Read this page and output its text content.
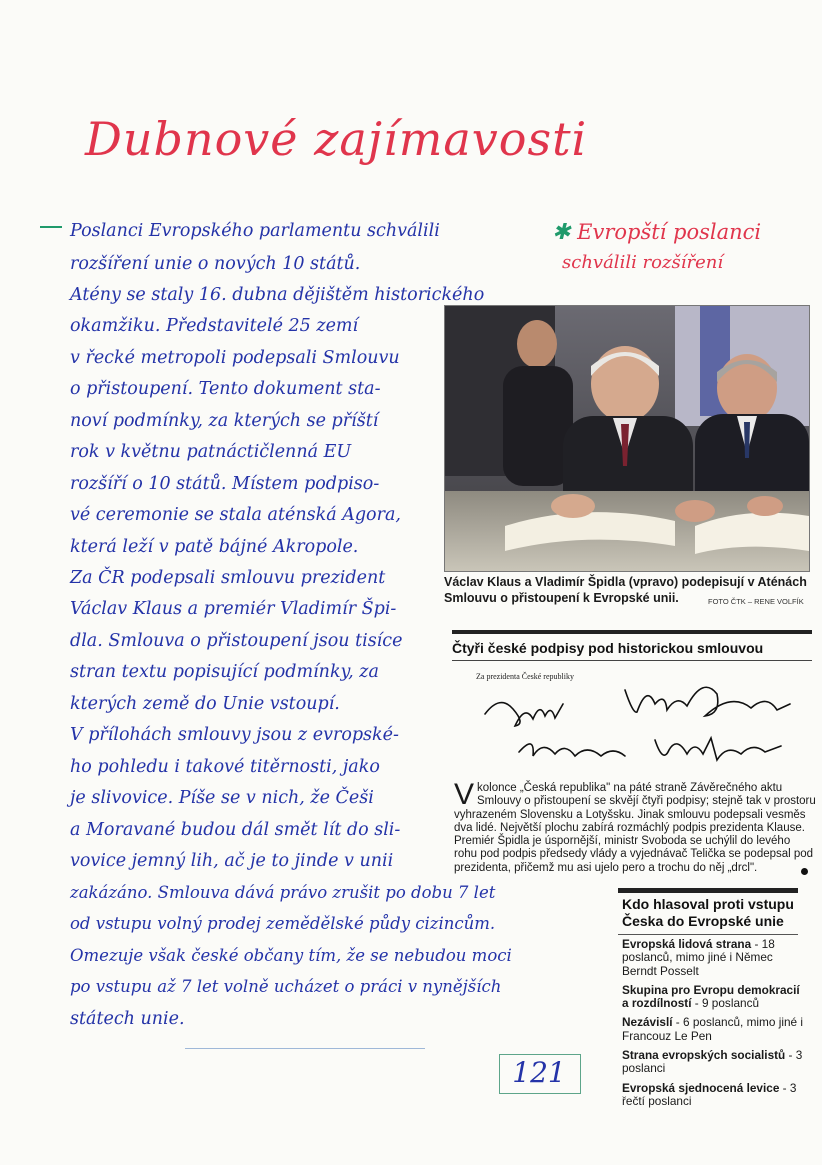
Dubnové zajímavosti
✱ Evropští poslanci
schválili rozšíření
Poslanci Evropského parlamentu schválili
rozšíření unie o nových 10 států.
Atény se staly 16. dubna dějištěm historického
okamžiku. Představitelé 25 zemí
v řecké metropoli podepsali Smlouvu
o přistoupení. Tento dokument sta-
noví podmínky, za kterých se příští
rok v květnu patnáctičlenná EU
rozšíří o 10 států. Místem podpiso-
vé ceremonie se stala aténská Agora,
která leží v patě bájné Akropole.
Za ČR podepsali smlouvu prezident
Václav Klaus a premiér Vladimír Špi-
dla. Smlouva o přistoupení jsou tisíce
stran textu popisující podmínky, za
kterých země do Unie vstoupí.
V přílohách smlouvy jsou z evropské-
ho pohledu i takové titěrnosti, jako
je slivovice. Píše se v nich, že Češi
a Moravané budou dál smět lít do sli-
vovice jemný lih, ač je to jinde v unii
zakázáno. Smlouva dává právo zrušit po dobu 7 let
od vstupu volný prodej zemědělské půdy cizincům.
Omezuje však české občany tím, že se nebudou moci
po vstupu až 7 let volně ucházet o práci v nynějších
státech unie.
Václav Klaus a Vladimír Špidla (vpravo) podepisují v Aténách Smlouvu o přistoupení k Evropské unii.	FOTO ČTK – RENE VOLFÍK
Čtyři české podpisy pod historickou smlouvou
Za prezidenta České republiky
Vkolonce „Česká republika" na páté straně Závěrečného aktu Smlouvy o přistoupení se skvějí čtyři podpisy; stejně tak v prostoru vyhrazeném Slovensku a Lotyšsku. Jinak smlouvu podepsali vesměs dva lidé. Největší plochu zabírá rozmáchlý podpis prezidenta Klause. Premiér Špidla je úspornější, ministr Svoboda se uchýlil do levého rohu pod podpis předsedy vlády a vyjednávač Telička se podepsal pod prezidenta, přičemž mu asi ujelo pero a trochu do něj „drcl".
Kdo hlasoval proti vstupu Česka do Evropské unie
Evropská lidová strana - 18 poslanců, mimo jiné i Němec Berndt Posselt
Skupina pro Evropu demokracií a rozdílností - 9 poslanců
Nezávislí - 6 poslanců, mimo jiné i Francouz Le Pen
Strana evropských socialistů - 3 poslanci
Evropská sjednocená levice - 3 řečtí poslanci
121
